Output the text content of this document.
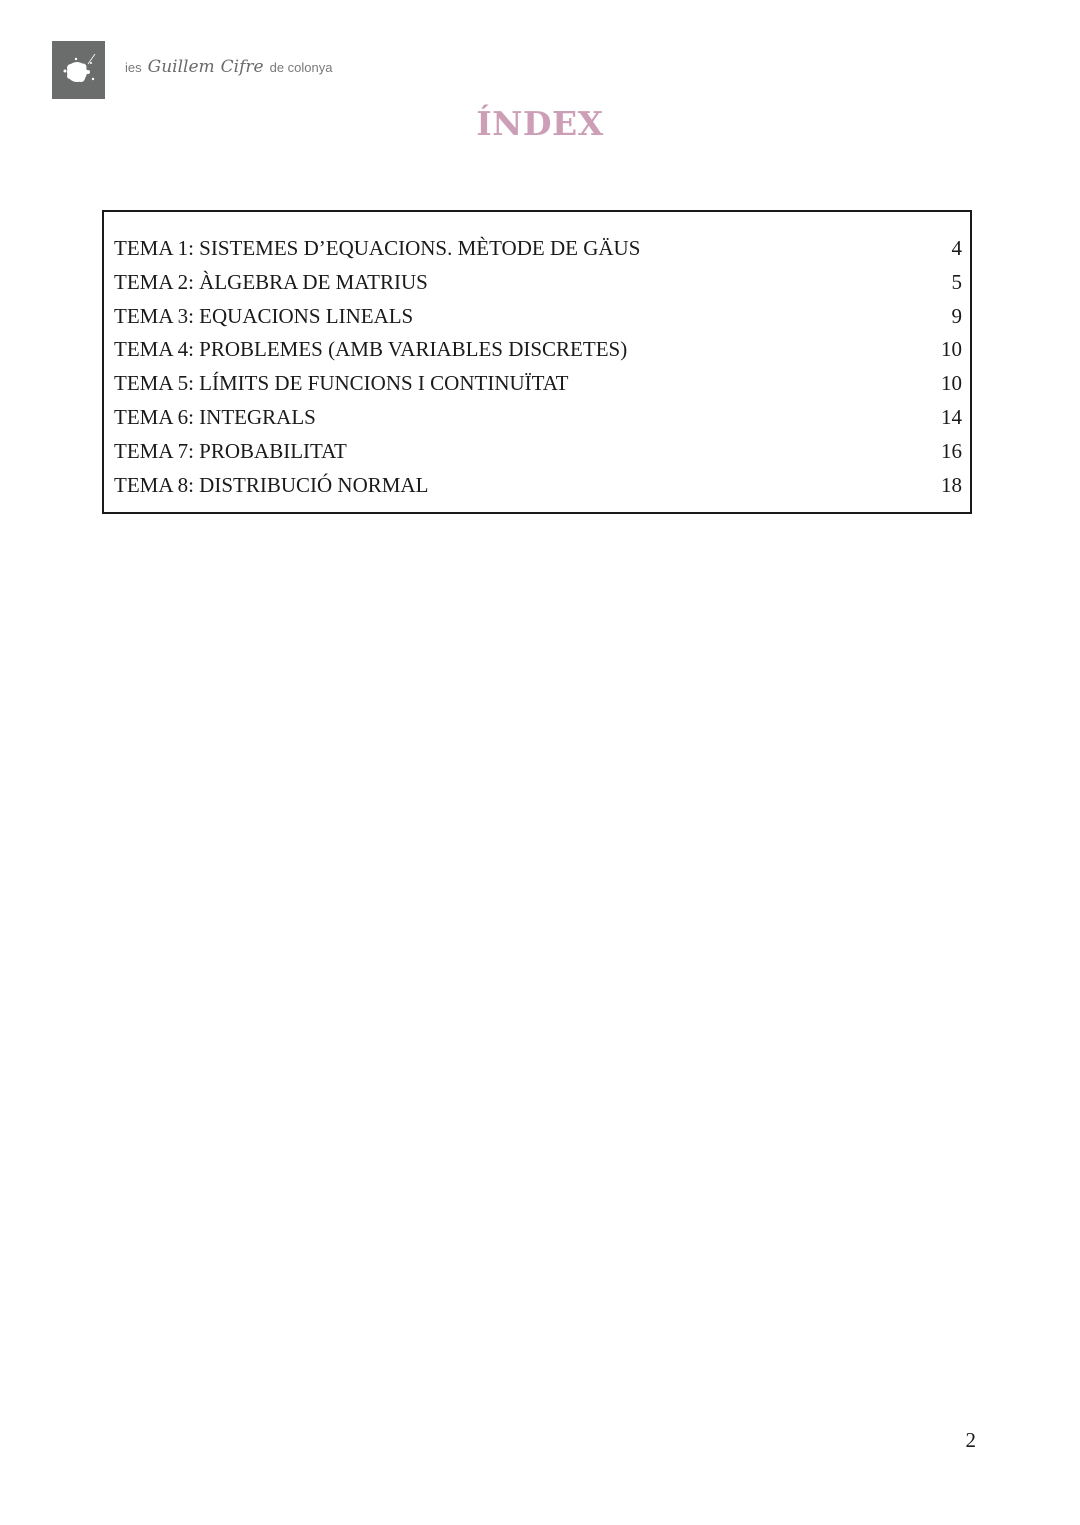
ies Guillem Cifre de colonya
ÍNDEX
TEMA 1: SISTEMES D’EQUACIONS. MÈTODE DE GÄUS	4
TEMA 2: ÀLGEBRA DE MATRIUS	5
TEMA 3: EQUACIONS LINEALS	9
TEMA 4: PROBLEMES (AMB VARIABLES DISCRETES)	10
TEMA 5: LÍMITS DE FUNCIONS I CONTINUÏTAT	10
TEMA 6: INTEGRALS	14
TEMA 7: PROBABILITAT	16
TEMA 8: DISTRIBUCIÓ NORMAL	18
2
